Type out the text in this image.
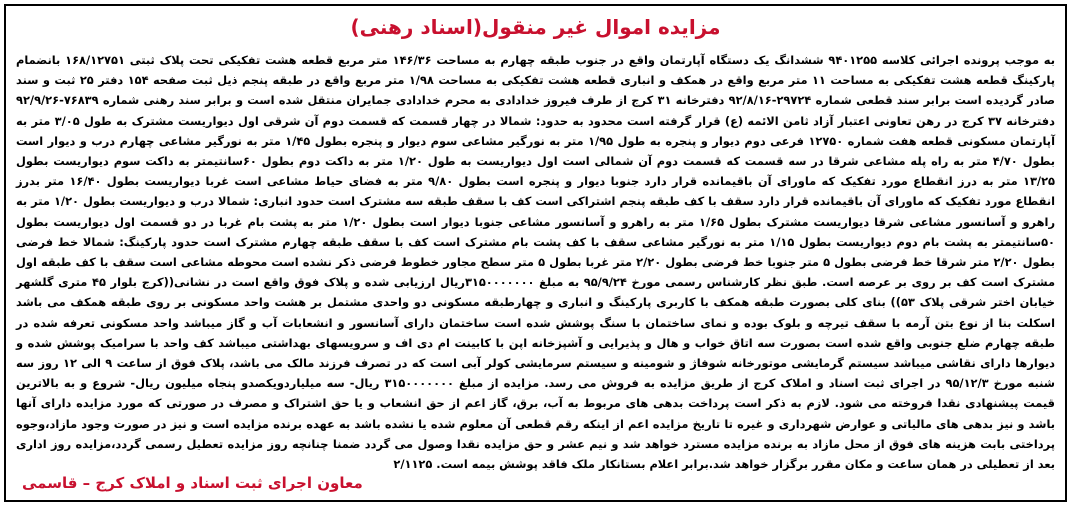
مزایده اموال غیر منقول(اسناد رهنی)
به موجب پرونده اجرائی کلاسه ۹۴۰۱۲۵۵ ششدانگ یک دستگاه آپارتمان واقع در جنوب طبقه چهارم به مساحت ۱۴۶/۳۶ متر مربع قطعه هشت تفکیکی تحت پلاک ثبتی ۱۶۸/۱۲۷۵۱ بانضمام پارکینگ قطعه هشت تفکیکی به مساحت ۱۱ متر مربع واقع در همکف و انباری قطعه هشت تفکیکی به مساحت ۱/۹۸ متر مربع واقع در طبقه پنجم ذیل ثبت صفحه ۱۵۴ دفتر ۲۵ ثبت و سند صادر گردیده است برابر سند قطعی شماره ۲۹۷۲۴-۹۲/۸/۱۶ دفترخانه ۳۱ کرج از طرف فیروز خدادادی به محرم خدادادی جمایران منتقل شده است و برابر سند رهنی شماره ۷۶۸۳۹-۹۲/۹/۲۶ دفترخانه ۳۷ کرج در رهن تعاونی اعتبار آزاد ثامن الائمه (ع) قرار گرفته است محدود به حدود: شمالا در چهار قسمت که قسمت دوم آن شرقی اول دیواریست مشترک به طول ۳/۰۵ متر به آپارتمان مسکونی قطعه هفت شماره ۱۲۷۵۰ فرعی دوم دیوار و پنجره به طول ۱/۹۵ متر به نورگیر مشاعی سوم دیوار و پنجره بطول ۱/۴۵ متر به نورگیر مشاعی چهارم درب و دیوار است بطول ۴/۷۰ متر به راه پله مشاعی شرقا در سه قسمت که قسمت دوم آن شمالی است اول دیواریست به طول ۱/۲۰ متر به داکت دوم بطول ۶۰سانتیمتر به داکت سوم دیواریست بطول ۱۳/۲۵ متر به درز انقطاع مورد تفکیک که ماورای آن باقیمانده قرار دارد جنوبا دیوار و پنجره است بطول ۹/۸۰ متر به فضای حیاط مشاعی است غربا دیواریست بطول ۱۶/۴۰ متر بدرز انقطاع مورد تفکیک که ماورای آن باقیمانده قرار دارد سقف با کف طبقه پنجم اشتراکی است کف با سقف طبقه سه مشترک است حدود انباری: شمالا درب و دیواریست بطول ۱/۲۰ متر به راهرو و آسانسور مشاعی شرقا دیواریست مشترک بطول ۱/۶۵ متر به راهرو و آسانسور مشاعی جنوبا دیوار است بطول ۱/۲۰ متر به پشت بام غربا در دو قسمت اول دیواریست بطول ۵۰سانتیمتر به پشت بام دوم دیواریست بطول ۱/۱۵ متر به نورگیر مشاعی سقف با کف پشت بام مشترک است کف با سقف طبقه چهارم مشترک است حدود پارکینگ: شمالا خط فرضی بطول ۲/۲۰ متر شرقا خط فرضی بطول ۵ متر جنوبا خط فرضی بطول ۲/۲۰ متر غربا بطول ۵ متر سطح مجاور خطوط فرضی ذکر نشده است محوطه مشاعی است سقف با کف طبقه اول مشترک است کف بر روی بر عرصه است. طبق نظر کارشناس رسمی مورخ ۹۵/۹/۲۴ به مبلغ ۳۱۵۰۰۰۰۰۰۰ریال ارزیابی شده و پلاک فوق واقع است در نشانی((کرج بلوار ۴۵ متری گلشهر خیابان اختر شرقی پلاک ۵۳)) بنای کلی بصورت طبقه همکف با کاربری پارکینگ و انباری و چهارطبقه مسکونی دو واحدی مشتمل بر هشت واحد مسکونی بر روی طبقه همکف می باشد اسکلت بنا از نوع بتن آرمه با سقف تیرچه و بلوک بوده و نمای ساختمان با سنگ پوشش شده است ساختمان دارای آسانسور و انشعابات آب و گاز میباشد واحد مسکونی تعرفه شده در طبقه چهارم ضلع جنوبی واقع شده است بصورت سه اتاق خواب و هال و پذیرایی و آشپزخانه اپن با کابینت ام دی اف و سرویسهای بهداشتی میباشد کف واحد با سرامیک پوشش شده و دیوارها دارای نقاشی میباشد سیستم گرمایشی موتورخانه شوفاژ و شومینه و سیستم سرمایشی کولر آبی است که در تصرف فرزند مالک می باشد، پلاک فوق از ساعت ۹ الی ۱۲ روز سه شنبه مورخ ۹۵/۱۲/۳ در اجرای ثبت اسناد و املاک کرج از طریق مزایده به فروش می رسد. مزایده از مبلغ ۳۱۵۰۰۰۰۰۰۰ ریال- سه میلیاردویکصدو پنجاه میلیون ریال- شروع و به بالاترین قیمت پیشنهادی نقدا فروخته می شود. لازم به ذکر است پرداخت بدهی های مربوط به آب، برق، گاز اعم از حق انشعاب و یا حق اشتراک و مصرف در صورتی که مورد مزایده دارای آنها باشد و نیز بدهی های مالیاتی و عوارض شهرداری و غیره تا تاریخ مزایده اعم از اینکه رقم قطعی آن معلوم شده یا نشده باشد به عهده برنده مزایده است و نیز در صورت وجود مازاد،وجوه پرداختی بابت هزینه های فوق از محل مازاد به برنده مزایده مسترد خواهد شد و نیم عشر و حق مزایده نقدا وصول می گردد ضمنا چنانچه روز مزایده تعطیل رسمی گردد،مزایده روز اداری بعد از تعطیلی در همان ساعت و مکان مقرر برگزار خواهد شد.برابر اعلام بستانکار ملک فاقد پوشش بیمه است. ۲/۱۱۲۵
معاون اجرای ثبت اسناد و املاک کرج – قاسمی
